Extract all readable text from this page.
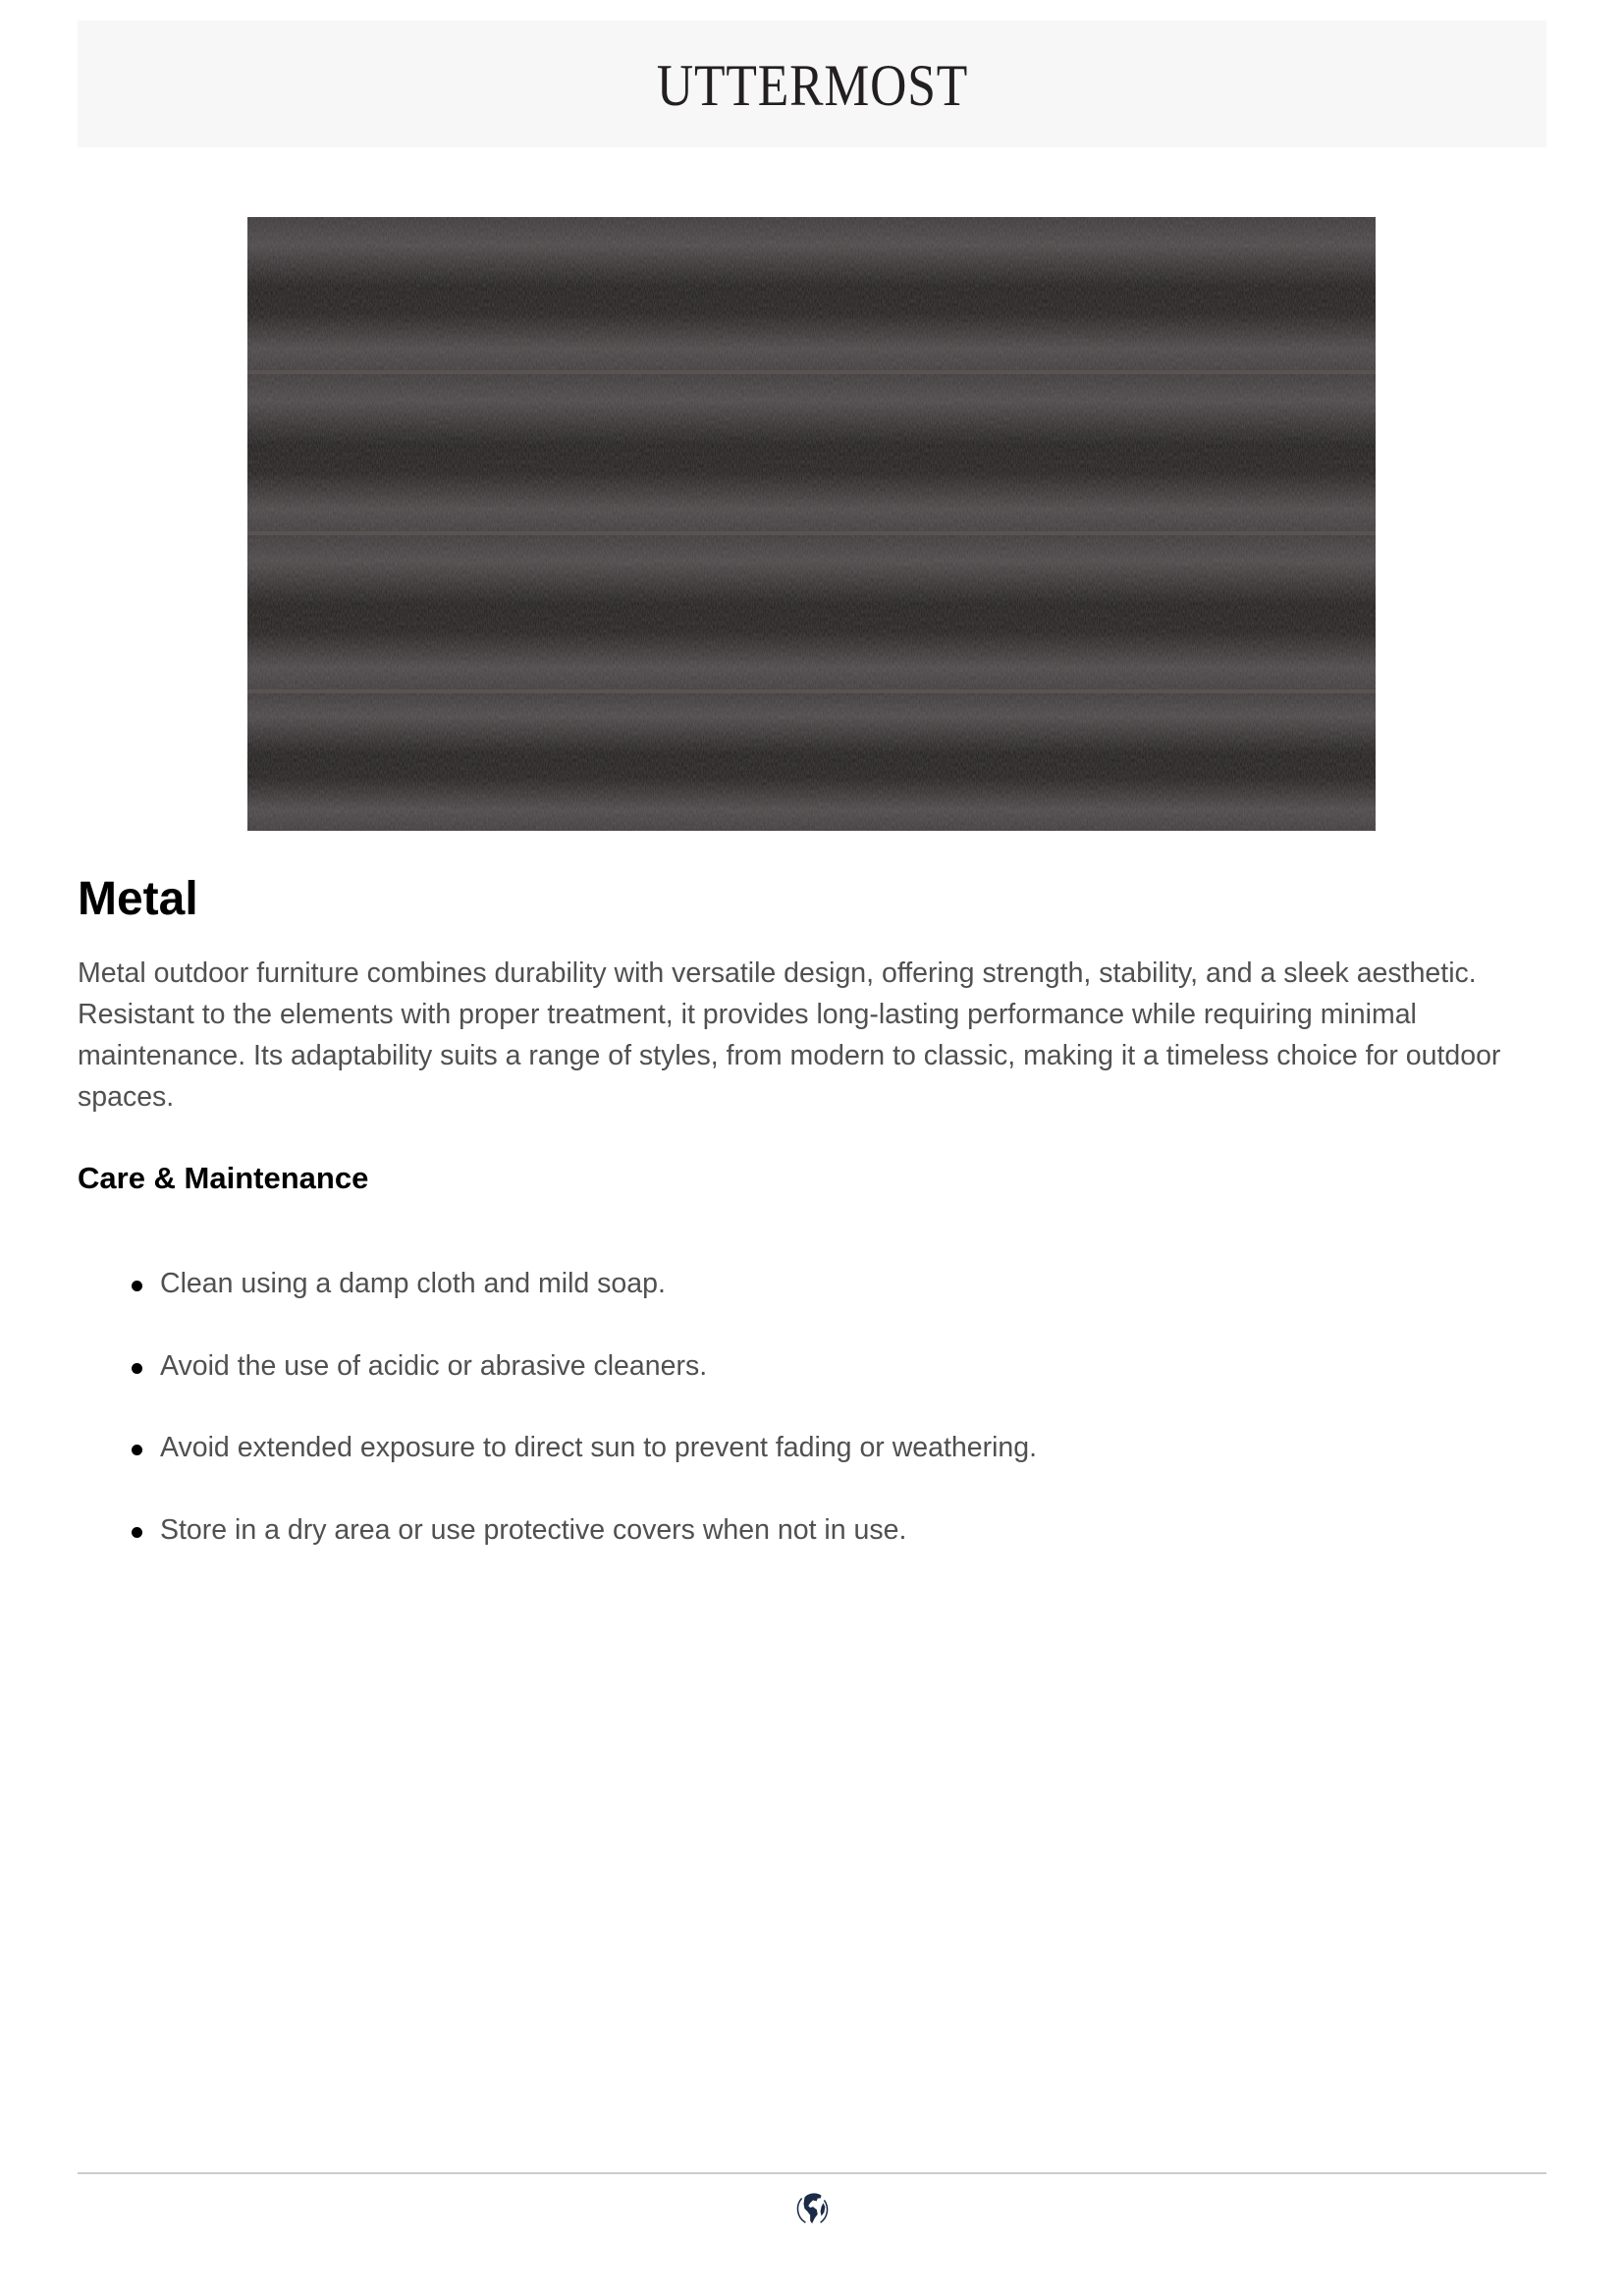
UTTERMOST
Metal

Metal outdoor furniture combines durability with versatile design, offering strength, stability, and a sleek aesthetic. Resistant to the elements with proper treatment, it provides long-lasting performance while requiring minimal maintenance. Its adaptability suits a range of styles, from modern to classic, making it a timeless choice for outdoor spaces.

Care & Maintenance
Clean using a damp cloth and mild soap.
Avoid the use of acidic or abrasive cleaners.
Avoid extended exposure to direct sun to prevent fading or weathering.
Store in a dry area or use protective covers when not in use.
